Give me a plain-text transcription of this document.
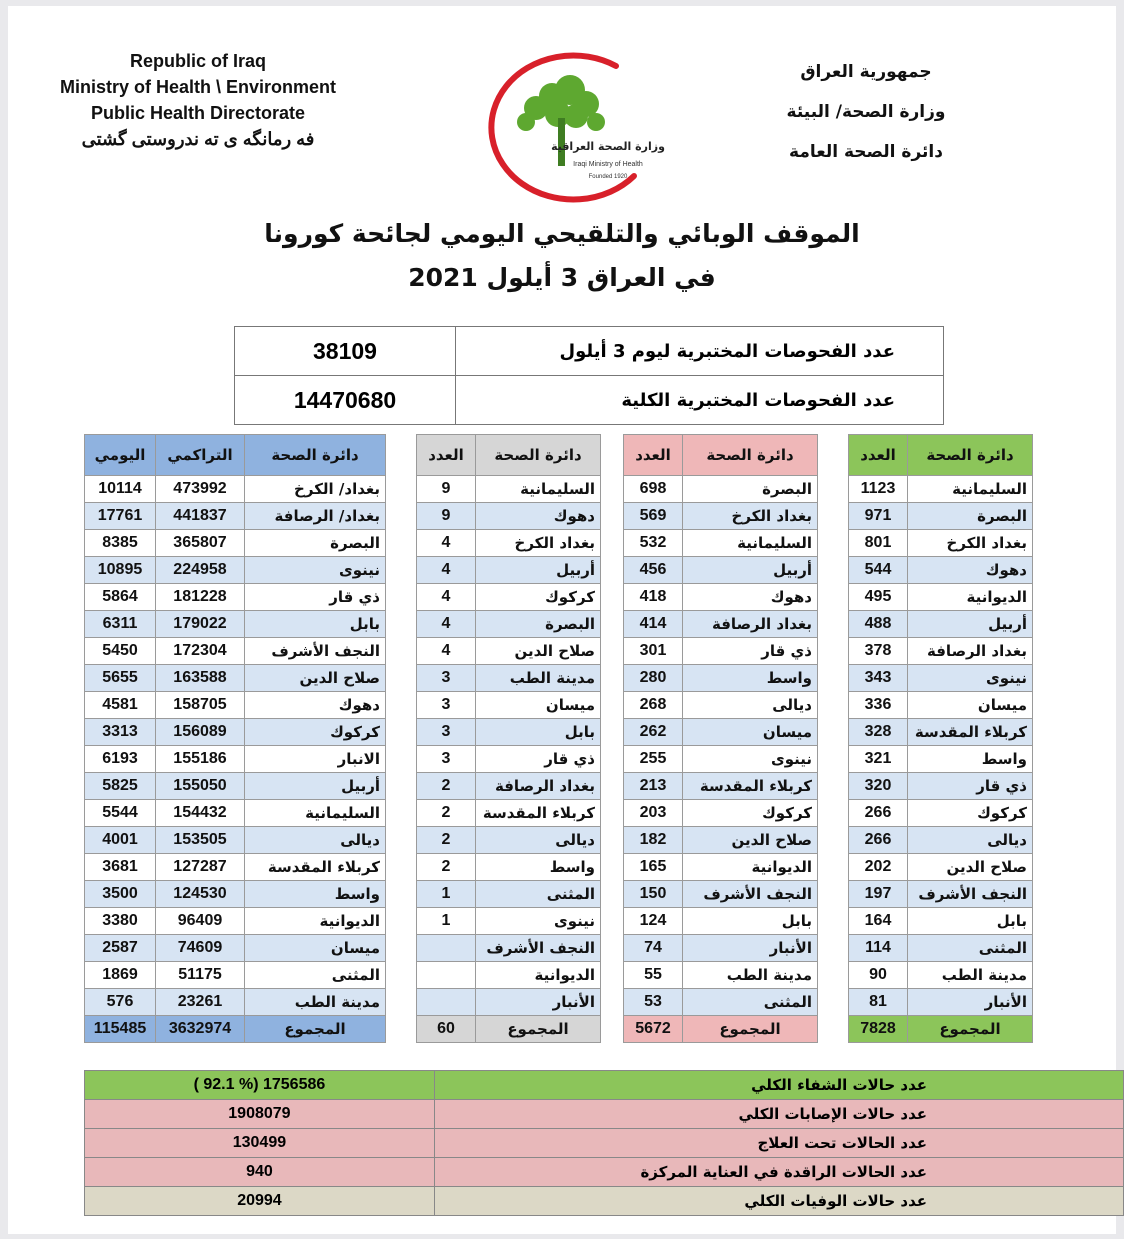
Republic of Iraq
Ministry of Health \ Environment
Public Health Directorate
فه رمانگه ی ته ندروستی گشتی
جمهورية العراق
وزارة الصحة/ البيئة
دائرة الصحة العامة
وزارة الصحة العراقية
Iraqi Ministry of Health
Founded 1920
الموقف الوبائي والتلقيحي اليومي لجائحة كورونا
في العراق 3 أيلول 2021
38109	عدد الفحوصات المختبرية ليوم 3 أيلول
14470680	عدد الفحوصات المختبرية الكلية
اليومي	التراكمي	دائرة الصحة
10114	473992	بغداد/ الكرخ
17761	441837	بغداد/ الرصافة
8385	365807	البصرة
10895	224958	نينوى
5864	181228	ذي قار
6311	179022	بابل
5450	172304	النجف الأشرف
5655	163588	صلاح الدين
4581	158705	دهوك
3313	156089	كركوك
6193	155186	الانبار
5825	155050	أربيل
5544	154432	السليمانية
4001	153505	ديالى
3681	127287	كربلاء المقدسة
3500	124530	واسط
3380	96409	الديوانية
2587	74609	ميسان
1869	51175	المثنى
576	23261	مدينة الطب
115485	3632974	المجموع
العدد	دائرة الصحة
9	السليمانية
9	دهوك
4	بغداد الكرخ
4	أربيل
4	كركوك
4	البصرة
4	صلاح الدين
3	مدينة الطب
3	ميسان
3	بابل
3	ذي قار
2	بغداد الرصافة
2	كربلاء المقدسة
2	ديالى
2	واسط
1	المثنى
1	نينوى
	النجف الأشرف
	الديوانية
	الأنبار
60	المجموع
العدد	دائرة الصحة
698	البصرة
569	بغداد الكرخ
532	السليمانية
456	أربيل
418	دهوك
414	بغداد الرصافة
301	ذي قار
280	واسط
268	ديالى
262	ميسان
255	نينوى
213	كربلاء المقدسة
203	كركوك
182	صلاح الدين
165	الديوانية
150	النجف الأشرف
124	بابل
74	الأنبار
55	مدينة الطب
53	المثنى
5672	المجموع
العدد	دائرة الصحة
1123	السليمانية
971	البصرة
801	بغداد الكرخ
544	دهوك
495	الديوانية
488	أربيل
378	بغداد الرصافة
343	نينوى
336	ميسان
328	كربلاء المقدسة
321	واسط
320	ذي قار
266	كركوك
266	ديالى
202	صلاح الدين
197	النجف الأشرف
164	بابل
114	المثنى
90	مدينة الطب
81	الأنبار
7828	المجموع
( 92.1 %) 1756586	عدد حالات الشفاء الكلي
1908079	عدد حالات الإصابات الكلي
130499	عدد الحالات تحت العلاج
940	عدد الحالات الراقدة في العناية المركزة
20994	عدد حالات الوفيات الكلي
